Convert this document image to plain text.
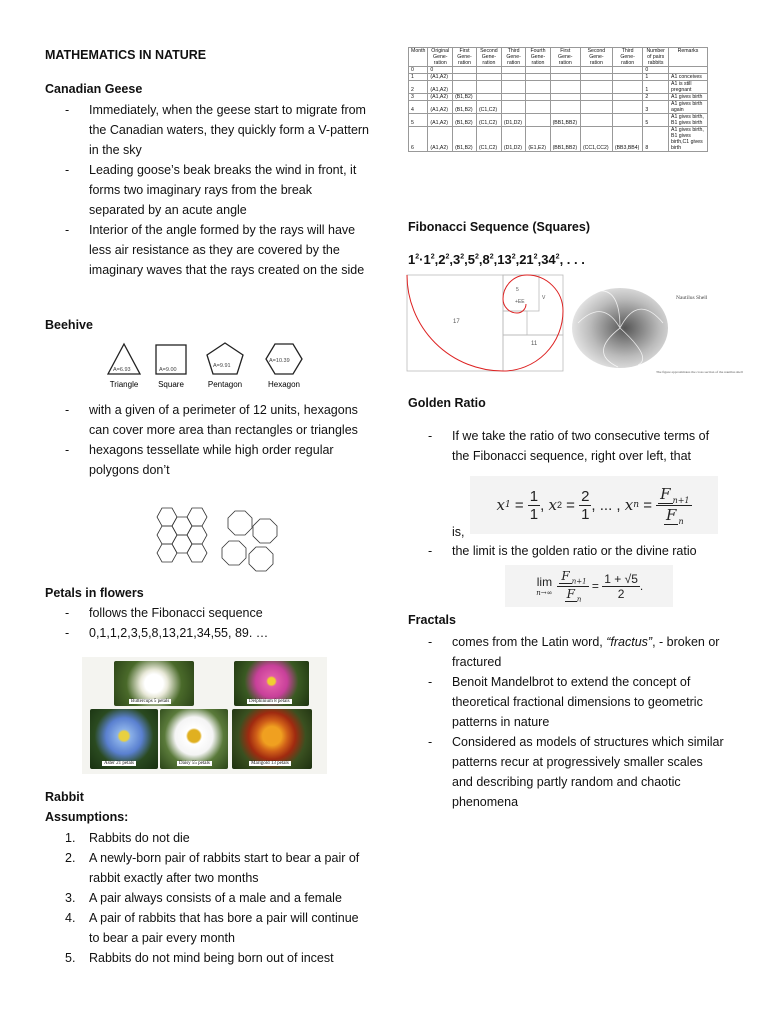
MATHEMATICS IN NATURE
Canadian Geese
- Immediately, when the geese start to migrate from the Canadian waters, they quickly form a V-pattern in the sky
- Leading goose’s beak breaks the wind in front, it forms two imaginary rays from the break separated by an acute angle
- Interior of the angle formed by the rays will have less air resistance as they are covered by the imaginary waves that the rays created on the side
Beehive
A=6.93	A=9.00
A=9.91
A=10.39
Triangle Square	Pentagon	Hexagon
- with a given of a perimeter of 12 units, hexagons can cover more area than rectangles or triangles
- hexagons tessellate while high order regular polygons don’t
Petals in flowers
- follows the Fibonacci sequence
- 0,1,1,2,3,5,8,13,21,34,55, 89. …
Buttercups 5 petals	Delphinium 8 petals
Aster 21 petals	Daisy 55 petals	Marigold 13 petals
Rabbit
Assumptions:
1. Rabbits do not die
2. A newly-born pair of rabbits start to bear a pair of rabbit exactly after two months
3. A pair always consists of a male and a female
4. A pair of rabbits that has bore a pair will continue to bear a pair every month
5. Rabbits do not mind being born out of incest
Month	Original Gene-ration	First Gene-ration	Second Gene-ration	Third Gene-ration	Fourth Gene-ration	First Gene-ration	Second Gene-ration	Third Gene-ration	Number of pairs rabbits	Remarks
0	0								0	
1	(A1,A2)								1	A1 conceives
2	(A1,A2)								1	A1 is still pregnant
3	(A1,A2)	(B1,B2)							2	A1 gives birth
4	(A1,A2)	(B1,B2)	(C1,C2)						3	A1 gives birth again
5	(A1,A2)	(B1,B2)	(C1,C2)	(D1,D2)		(BB1,BB2)			5	A1 gives birth, B1 gives birth
6	(A1,A2)	(B1,B2)	(C1,C2)	(D1,D2)	(E1,E2)	(BB1,BB2)	(CC1,CC2)	(BB3,BB4)	8	A1 gives birth, B1 gives birth,C1 gives birth
Fibonacci Sequence (Squares)
$1^2\cdot 1^2,2^2,3^2,5^2,8^2,13^2,21^2,34^2$, . . .
17
11
5
V
+EE
Nautilus Shell
The figure approximates the cross section of the nautilus shell
Golden Ratio
- If we take the ratio of two consecutive terms of the Fibonacci sequence, right over left, that
x 1
=
$\frac{1}{1}$ ,
x 2
=
$\frac{2}{1}$ , ... ,
x n
=
$\frac{F _{n+1}}{F _n}$
is,
- the limit is the golden ratio or the divine ratio
lim
n→∞
$\frac{F _{n+1}}{F _n}$
=
$\frac{1 + √5}{2}$ .
Fractals
- comes from the Latin word, “fractus”, - broken or fractured
- Benoit Mandelbrot to extend the concept of theoretical fractional dimensions to geometric patterns in nature
- Considered as models of structures which similar patterns recur at progressively smaller scales and describing partly random and chaotic phenomena
